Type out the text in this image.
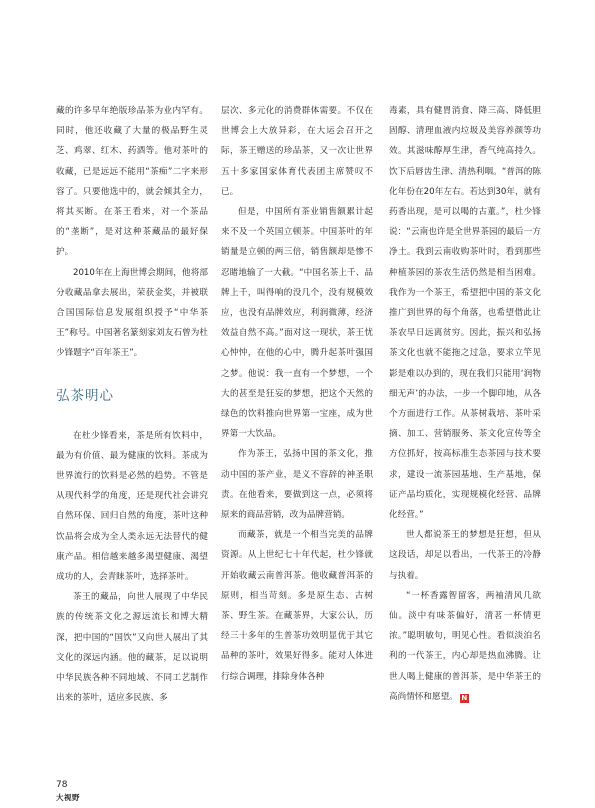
藏的许多早年绝版珍品茶为业内罕有。同时，他还收藏了大量的极品野生灵芝、鸡翠、红木、药酒等。他对茶叶的收藏，已是远远不能用“茶痴”二字来形容了。只要他选中的，就会倾其全力，将其买断。在茶王看来，对一个茶品的“垄断”，是对这种茶藏品的最好保护。

2010年在上海世博会期间，他将部分收藏品拿去展出，荣获金奖，并被联合国国际信息发展组织授予“中华茶王”称号。中国著名篆刻家刘友石曾为杜少锋题字“百年茶王”。

弘茶明心

在杜少锋看来，茶是所有饮料中，最为有价值、最为健康的饮料。茶成为世界流行的饮料是必然的趋势。不管是从现代科学的角度，还是现代社会讲究自然环保、回归自然的角度，茶叶这种饮品将会成为全人类永远无法替代的健康产品。相信越来越多渴望健康、渴望成功的人，会青睐茶叶，选择茶叶。

茶王的藏品，向世人展现了中华民族的传统茶文化之源远流长和博大精深，把中国的“国饮”又向世人展出了其文化的深远内涵。他的藏茶，足以说明中华民族各种不同地域、不同工艺制作出来的茶叶，适应多民族、多

层次、多元化的消费群体需要。不仅在世博会上大放异彩，在大运会召开之际，茶王赠送的珍品茶，又一次让世界五十多家国家体育代表团主席赞叹不已。

但是，中国所有茶业销售额累计起来不及一个英国立顿茶。中国茶叶的年销量是立顿的两三倍，销售额却是惨不忍睹地输了一大截。“中国名茶上千、品牌上千，叫得响的没几个，没有规模效应，也没有品牌效应，利润微薄，经济效益自然不高。”面对这一现状，茶王忧心忡忡，在他的心中，腾升起茶叶强国之梦。他说：我一直有一个梦想，一个大的甚至是狂妄的梦想，把这个天然的绿色的饮料推向世界第一宝座，成为世界第一大饮品。

作为茶王，弘扬中国的茶文化，推动中国的茶产业，是义不容辞的神圣职责。在他看来，要做到这一点，必须将原来的商品营销，改为品牌营销。

而藏茶，就是一个相当完美的品牌资源。从上世纪七十年代起，杜少锋就开始收藏云南普洱茶。他收藏普洱茶的原则，相当苛刻。多是原生态、古树茶、野生茶。在藏茶界，大家公认，历经三十多年的生普茶功效明显优于其它品种的茶叶，效果好得多。能对人体进行综合调理，排除身体各种

毒素，具有健胃消食、降三高、降低胆固醇、清理血液内垃圾及美容养颜等功效。其滋味醇厚生津，香气纯高持久。饮下后唇齿生津、清热利咽。“普洱的陈化年份在20年左右。若达到30年，就有药香出现，是可以喝的古董。”，杜少锋说：“云南也许是全世界茶园的最后一方净土。我到云南收购茶叶时，看到那些种植茶园的茶农生活仍然是相当困难。我作为一个茶王，希望把中国的茶文化推广到世界的每个角落，也希望借此让茶农早日远离贫穷。因此，振兴和弘扬茶文化也就不能拖之过急，要求立竿见影是难以办到的，现在我们只能用‘润物细无声’的办法，一步一个脚印地，从各个方面进行工作。从茶树栽培、茶叶采摘、加工、营销服务、茶文化宣传等全方位抓好，按高标准生态茶园与技术要求，建设一流茶园基地、生产基地，保证产品均质化，实现规模化经营、品牌化经营。”

世人都说茶王的梦想是狂想，但从这段话，却足以看出，一代茶王的冷静与执着。

“一杯香露智留客，两袖清风几欲仙。淡中有味茶偏好，清茗一杯情更浓。”聪明敏句，明见心性。看似淡泊名利的一代茶王，内心却是热血沸腾。让世人喝上健康的普洱茶，是中华茶王的高尚情怀和愿望。 N

78
大视野
